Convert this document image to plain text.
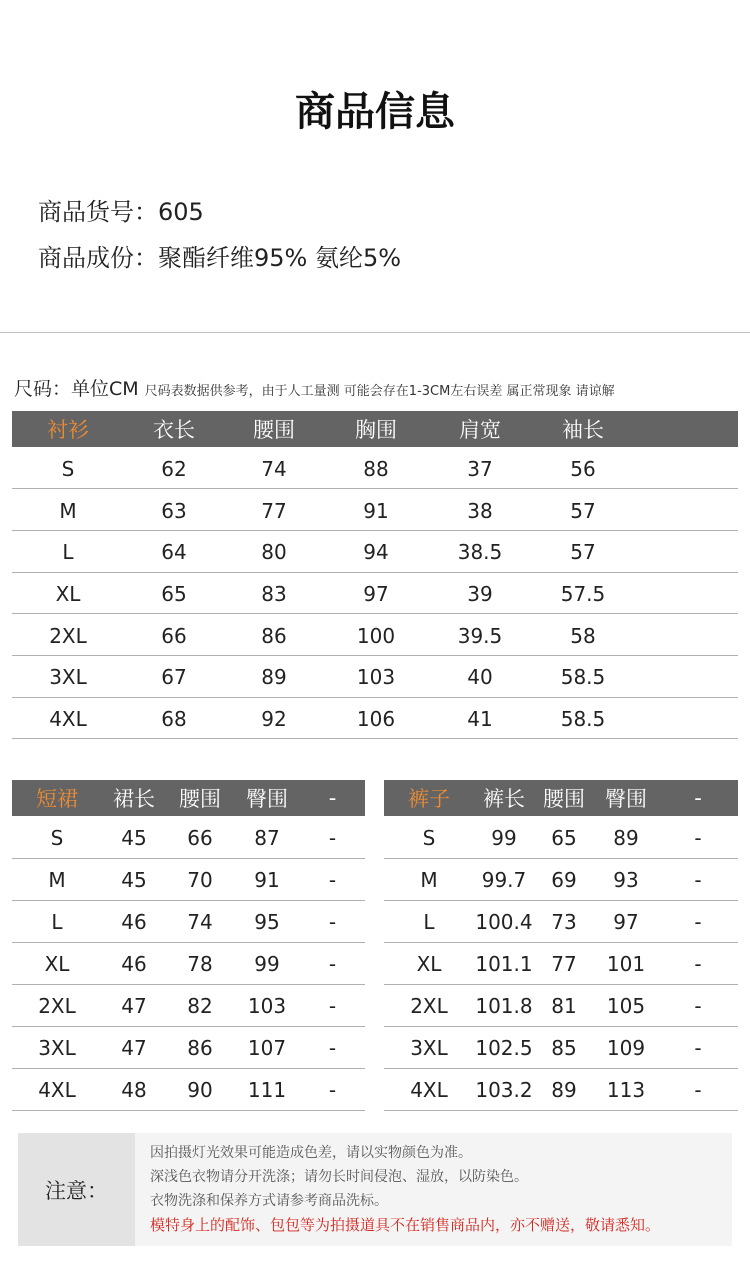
商品信息
商品货号：605
商品成份：聚酯纤维95% 氨纶5%
尺码：单位CM 尺码表数据供参考，由于人工量测 可能会存在1-3CM左右误差 属正常现象 请谅解
衬衫	衣长	腰围	胸围	肩宽	袖长	
S	62	74	88	37	56	
M	63	77	91	38	57	
L	64	80	94	38.5	57	
XL	65	83	97	39	57.5	
2XL	66	86	100	39.5	58	
3XL	67	89	103	40	58.5	
4XL	68	92	106	41	58.5	
短裙	裙长	腰围	臀围	-
S	45	66	87	-
M	45	70	91	-
L	46	74	95	-
XL	46	78	99	-
2XL	47	82	103	-
3XL	47	86	107	-
4XL	48	90	111	-
裤子	裤长	腰围	臀围	-
S	99	65	89	-
M	99.7	69	93	-
L	100.4	73	97	-
XL	101.1	77	101	-
2XL	101.8	81	105	-
3XL	102.5	85	109	-
4XL	103.2	89	113	-
注意：
因拍摄灯光效果可能造成色差，请以实物颜色为准。
深浅色衣物请分开洗涤；请勿长时间侵泡、湿放，以防染色。
衣物洗涤和保养方式请参考商品洗标。
模特身上的配饰、包包等为拍摄道具不在销售商品内，亦不赠送，敬请悉知。
